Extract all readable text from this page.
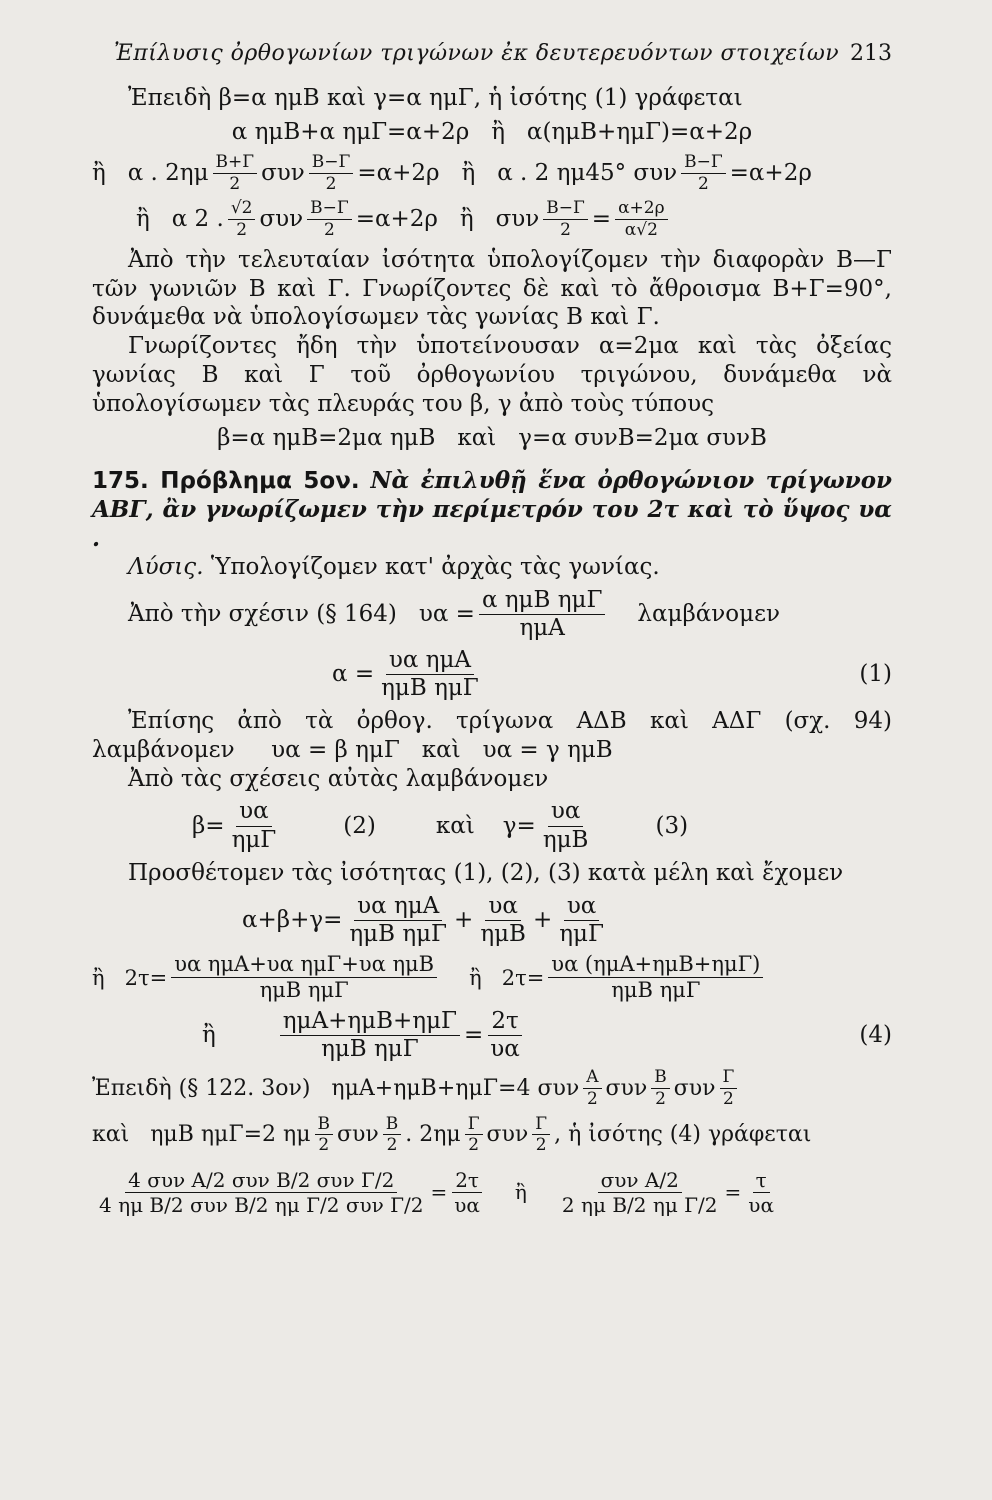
Ἐπίλυσις ὀρθογωνίων τριγώνων ἐκ δευτερευόντων στοιχείων 213

Ἐπειδὴ β=α ημΒ καὶ γ=α ημΓ, ἡ ἰσότης (1) γράφεται

α ημΒ+α ημΓ=α+2ρ   ἢ   α(ημΒ+ημΓ)=α+2ρ
ἢ   α . $2\eta\mu \frac{B+\Gamma}{2}$ συν $\frac{B-\Gamma}{2} =\alpha+2\rho$   ἢ   α . 2 ημ45° συν $\frac{B-\Gamma}{2} =\alpha+2\rho$
ἢ   α 2 . $\frac{√2}{2}$ συν $\frac{B-\Gamma}{2} =\alpha+2\rho$   ἢ   συν $\frac{B-\Gamma}{2} = \frac{\alpha+2\rho}{\alpha√2}$

Ἀπὸ τὴν τελευταίαν ἰσότητα ὑπολογίζομεν τὴν διαφορὰν Β—Γ τῶν γωνιῶν Β καὶ Γ. Γνωρίζοντες δὲ καὶ τὸ ἄθροισμα Β+Γ=90°, δυνάμεθα νὰ ὑπολογίσωμεν τὰς γωνίας Β καὶ Γ.

Γνωρίζοντες ἤδη τὴν ὑποτείνουσαν α=2μα καὶ τὰς ὀξείας γωνίας Β καὶ Γ τοῦ ὀρθογωνίου τριγώνου, δυνάμεθα νὰ ὑπολογίσωμεν τὰς πλευράς του β, γ ἀπὸ τοὺς τύπους

β=α ημΒ=2μα ημΒ   καὶ   γ=α συνΒ=2μα συνΒ

175. Πρόβλημα 5ον. Νὰ ἐπιλυθῇ ἕνα ὀρθογώνιον τρίγωνον ΑΒΓ, ἂν γνωρίζωμεν τὴν περίμετρόν του 2τ καὶ τὸ ὕψος υα .

Λύσις. Ὑπολογίζομεν κατ' ἀρχὰς τὰς γωνίας.

Ἀπὸ τὴν σχέσιν (§ 164)   $\upsilon\alpha = \frac{\text{α ημΒ ημΓ}}{\text{ημΑ}}$ λαμβάνομεν
$\alpha = \frac{\text{υα ημΑ}}{\text{ημΒ ημΓ}}$	(1)

Ἐπίσης ἀπὸ τὰ ὀρθογ. τρίγωνα ΑΔΒ καὶ ΑΔΓ (σχ. 94) λαμβάνομεν     υα = β ημΓ   καὶ   υα = γ ημΒ

Ἀπὸ τὰς σχέσεις αὐτὰς λαμβάνομεν

$\beta= \frac{\upsilon\alpha}{\text{ημΓ}}$	(2)	καὶ $\gamma= \frac{\upsilon\alpha}{\text{ημΒ}}$	(3)

Προσθέτομεν τὰς ἰσότητας (1), (2), (3) κατὰ μέλη καὶ ἔχομεν

$\alpha+\beta+\gamma= \frac{\text{υα ημΑ}}{\text{ημΒ ημΓ}} + \frac{\upsilon\alpha}{\text{ημΒ}} + \frac{\upsilon\alpha}{\text{ημΓ}}$
ἢ   $2\tau= \frac{\text{υα ημΑ+υα ημΓ+υα ημΒ}}{\text{ημΒ ημΓ}}$ ἢ   $2\tau= \frac{\text{υα (ημΑ+ημΒ+ημΓ)}}{\text{ημΒ ημΓ}}$
ἢ	$\frac{\text{ημΑ+ημΒ+ημΓ}}{\text{ημΒ ημΓ}} = \frac{2\tau}{\upsilon\alpha}$	(4)
Ἐπειδὴ (§ 122. 3ον)   ημΑ+ημΒ+ημΓ=4 συν $\frac{A}{2}$ συν $\frac{B}{2}$ συν $\frac{\Gamma}{2}$
καὶ   ημΒ ημΓ=2 ημ $\frac{B}{2}$ συν $\frac{B}{2}$ . $2\eta\mu \frac{\Gamma}{2}$ συν $\frac{\Gamma}{2}$ , ἡ ἰσότης (4) γράφεται
$\frac{\text{4 συν A/2 συν B/2 συν Γ/2}}{\text{4 ημ B/2 συν B/2 ημ Γ/2 συν Γ/2}} = \frac{2\tau}{\upsilon\alpha}$ ἢ $\frac{\text{συν A/2}}{\text{2 ημ B/2 ημ Γ/2}} = \frac{\tau}{\upsilon\alpha}$
